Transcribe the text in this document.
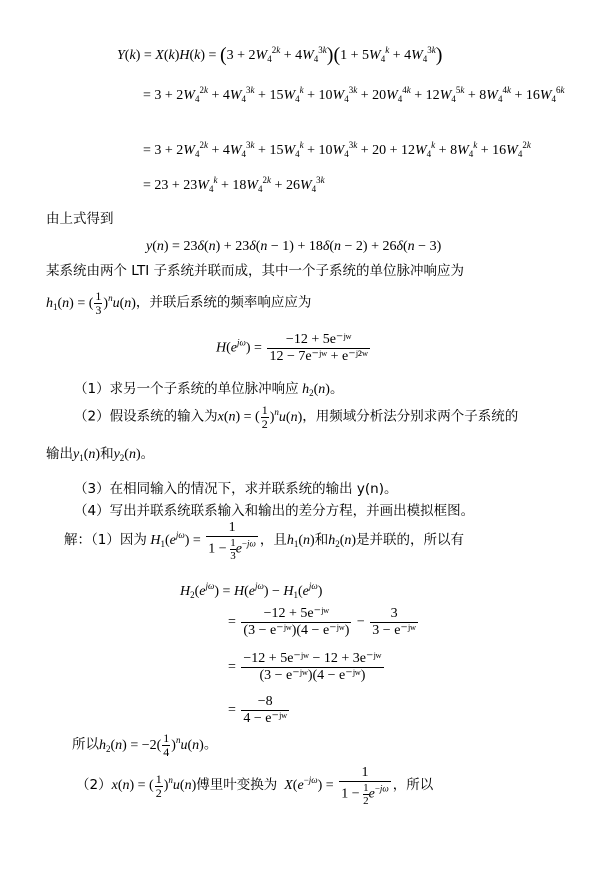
$Y(k) = X(k)H(k) = (3 + 2W_4^{2k} + 4W_4^{3k})(1 + 5W_4^k + 4W_4^{3k})$
= $3 + 2W_4^{2k} + 4W_4^{3k} + 15W_4^k + 10W_4^{3k} + 20W_4^{4k} + 12W_4^{5k} + 8W_4^{4k} + 16W_4^{6k}$
= $3 + 2W_4^{2k} + 4W_4^{3k} + 15W_4^k + 10W_4^{3k} + 20 + 12W_4^k + 8W_4^k + 16W_4^{2k}$
= $23 + 23W_4^k + 18W_4^{2k} + 26W_4^{3k}$
由上式得到
y(n) = 23δ(n) + 23δ(n − 1) + 18δ(n − 2) + 26δ(n − 3)
某系统由两个 LTI 子系统并联而成，其中一个子系统的单位脉冲响应为
$h_1(n)$ = ( $\frac{1}{3} )^nu(n)$，并联后系统的频率响应应为
$H(e^{j\omega}) = \frac{\text{−12 + 5e⁻ʲʷ}}{\text{12 − 7e⁻ʲʷ + e⁻ʲ²ʷ}}$
（1）求另一个子系统的单位脉冲响应 $h_2(n)$。
（2）假设系统的输入为x(n) = ( $\frac{1}{2} )^nu(n)$，用频域分析法分别求两个子系统的
输出$y_1(n)$和$y_2(n)$。
（3）在相同输入的情况下，求并联系统的输出 y(n)。
（4）写出并联系统联系输入和输出的差分方程，并画出模拟框图。
解：（1）因为 $H_1(e^{j\omega}) = \frac{1}{1 - \frac{1}{3} e^{-j\omega}}$ ，且$h_1(n)$和$h_2(n)$是并联的，所以有
$H_2(e^{j\omega}) = H(e^{j\omega}) - H_1(e^{j\omega})$
= $\frac{\text{−12 + 5e⁻ʲʷ}}{\text{(3 − e⁻ʲʷ)(4 − e⁻ʲʷ)}} - \frac{3}{\text{3 − e⁻ʲʷ}}$
= $\frac{\text{−12 + 5e⁻ʲʷ − 12 + 3e⁻ʲʷ}}{\text{(3 − e⁻ʲʷ)(4 − e⁻ʲʷ)}}$
= $\frac{-8}{\text{4 − e⁻ʲʷ}}$
所以$h_2(n) = -2( \frac{1}{4} )^nu(n)$。
（2）x(n) = ( $\frac{1}{2} )^nu(n)$傅里叶变换为 $X(e^{-j\omega}) = \frac{1}{1 - \frac{1}{2} e^{-j\omega}}$ ，所以
